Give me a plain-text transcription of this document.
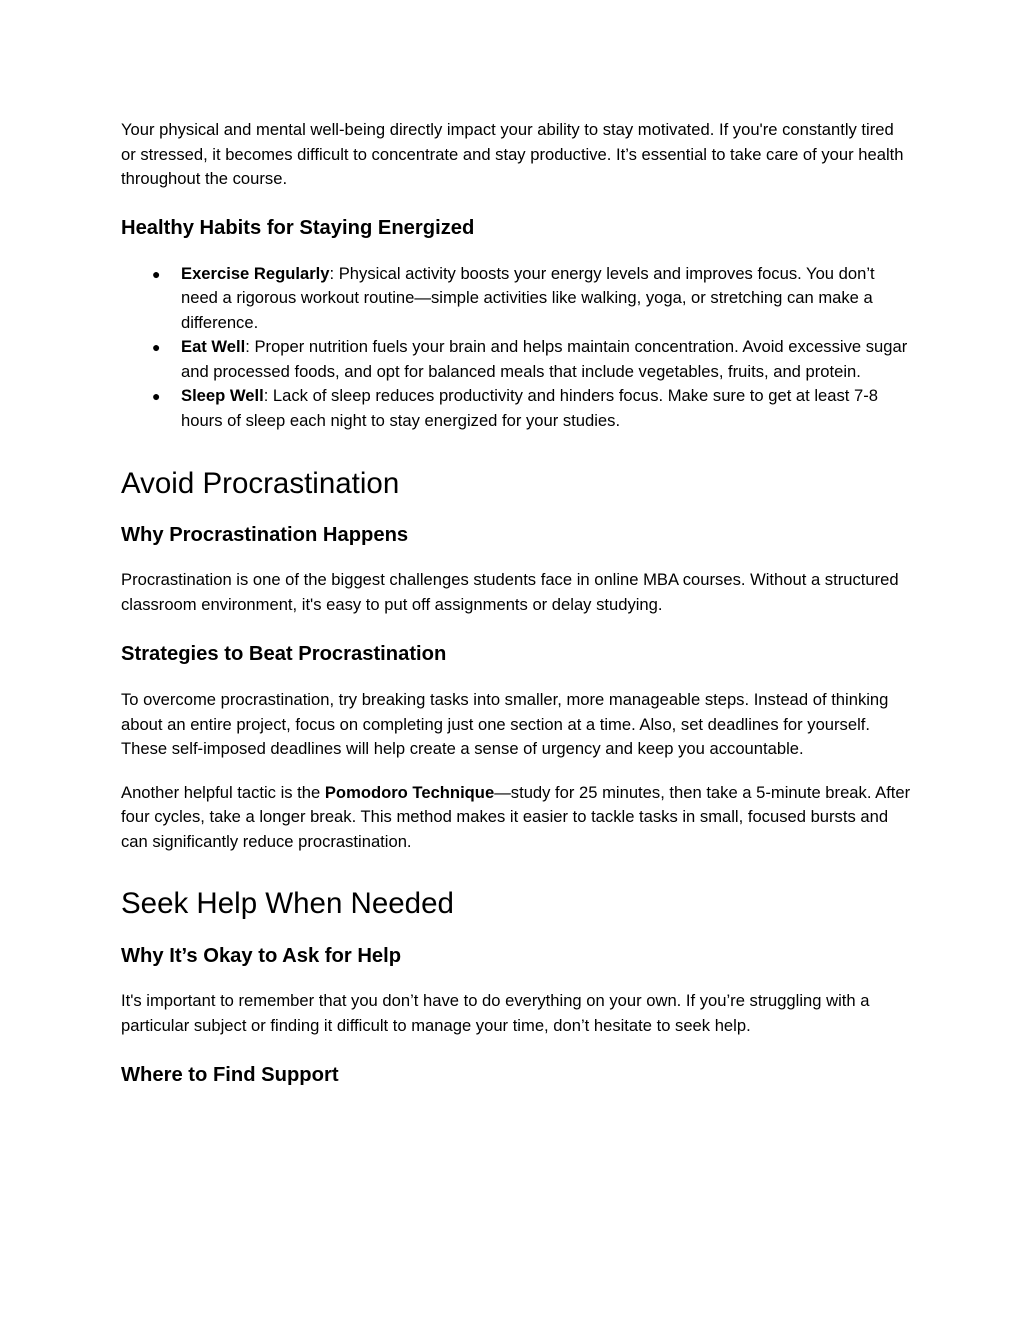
Your physical and mental well-being directly impact your ability to stay motivated. If you're constantly tired or stressed, it becomes difficult to concentrate and stay productive. It’s essential to take care of your health throughout the course.

Healthy Habits for Staying Energized
● Exercise Regularly: Physical activity boosts your energy levels and improves focus. You don’t need a rigorous workout routine—simple activities like walking, yoga, or stretching can make a difference.
● Eat Well: Proper nutrition fuels your brain and helps maintain concentration. Avoid excessive sugar and processed foods, and opt for balanced meals that include vegetables, fruits, and protein.
● Sleep Well: Lack of sleep reduces productivity and hinders focus. Make sure to get at least 7-8 hours of sleep each night to stay energized for your studies.
Avoid Procrastination
Why Procrastination Happens

Procrastination is one of the biggest challenges students face in online MBA courses. Without a structured classroom environment, it's easy to put off assignments or delay studying.

Strategies to Beat Procrastination

To overcome procrastination, try breaking tasks into smaller, more manageable steps. Instead of thinking about an entire project, focus on completing just one section at a time. Also, set deadlines for yourself. These self-imposed deadlines will help create a sense of urgency and keep you accountable.

Another helpful tactic is the Pomodoro Technique—study for 25 minutes, then take a 5-minute break. After four cycles, take a longer break. This method makes it easier to tackle tasks in small, focused bursts and can significantly reduce procrastination.

Seek Help When Needed
Why It’s Okay to Ask for Help

It's important to remember that you don’t have to do everything on your own. If you’re struggling with a particular subject or finding it difficult to manage your time, don’t hesitate to seek help.

Where to Find Support
